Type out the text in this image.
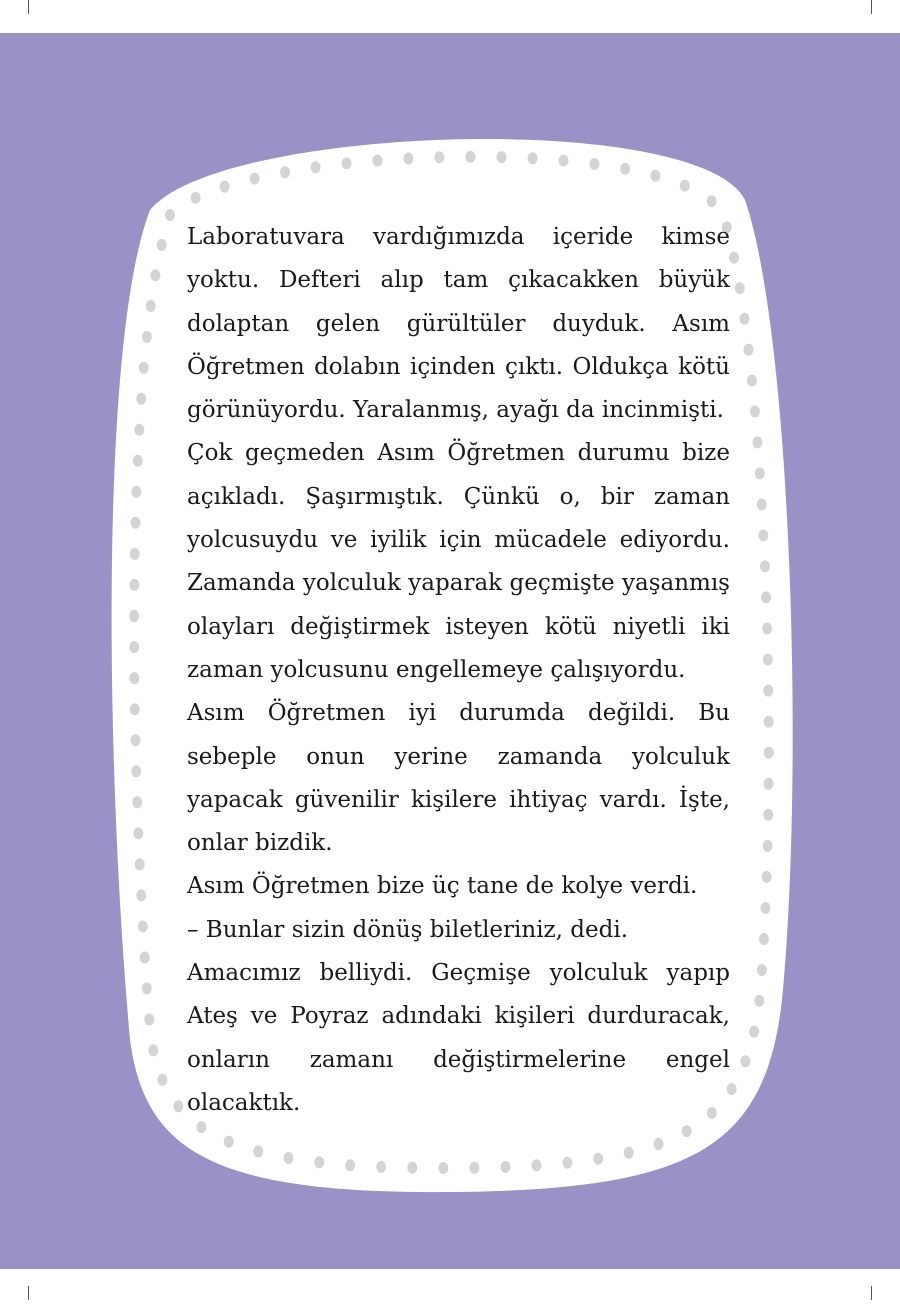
Laboratuvara vardığımızda içeride kimse yoktu. Defteri alıp tam çıkacakken büyük dolaptan gelen gürültüler duyduk. Asım Öğretmen dolabın içinden çıktı. Oldukça kötü görünüyordu. Yaralanmış, ayağı da incinmişti.

Çok geçmeden Asım Öğretmen durumu bize açıkladı. Şaşırmıştık. Çünkü o, bir zaman yolcusuydu ve iyilik için mücadele ediyordu. Zamanda yolculuk yaparak geçmişte yaşanmış olayları değiştirmek isteyen kötü niyetli iki zaman yolcusunu engellemeye çalışıyordu.

Asım Öğretmen iyi durumda değildi. Bu sebeple onun yerine zamanda yolculuk yapacak güvenilir kişilere ihtiyaç vardı. İşte, onlar bizdik.

Asım Öğretmen bize üç tane de kolye verdi.

– Bunlar sizin dönüş biletleriniz, dedi.

Amacımız belliydi. Geçmişe yolculuk yapıp Ateş ve Poyraz adındaki kişileri durduracak, onların zamanı değiştirmelerine engel olacaktık.
